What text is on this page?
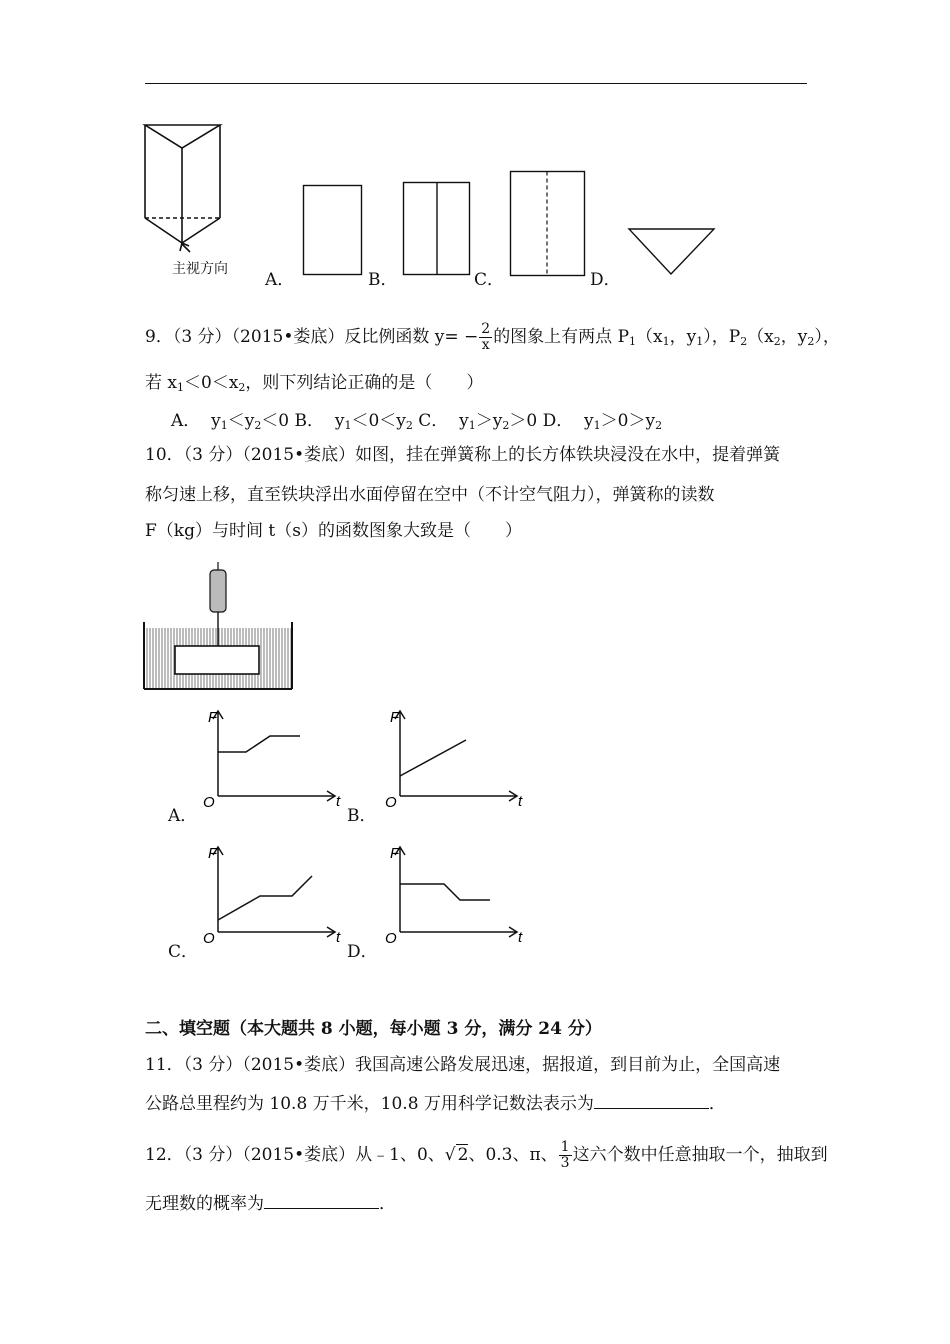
主视方向
A．	B．	C．	D．
9．（3 分）（2015•娄底）反比例函数 $y= - \frac{2}{x}$ 的图象上有两点 $P_1(x_1$，$y_1$），$P_2(x_2$，$y_2$），
若 $x_1<0<x_2$，则下列结论正确的是（　　）
A． $y_1<y_2<0$ B． $y_1<0<y_2$ C． $y_1>y_2>0$ D． $y_1>0>y_2$
10．（3 分）（2015•娄底）如图，挂在弹簧称上的长方体铁块浸没在水中，提着弹簧
称匀速上移，直至铁块浮出水面停留在空中（不计空气阻力），弹簧称的读数
F（kg）与时间 t（s）的函数图象大致是（　　）
F
t
O
A．
F
t
O
B．
F
t
O
C．
F
t
O
D．
二、填空题（本大题共 8 小题，每小题 3 分，满分 24 分）
11．（3 分）（2015•娄底）我国高速公路发展迅速，据报道，到目前为止，全国高速
公路总里程约为 10.8 万千米，10.8 万用科学记数法表示为	．
12．（3 分）（2015•娄底）从﹣1、0、√ 2、0.3、π、 $\frac{1}{3}$ 这六个数中任意抽取一个，抽取到
无理数的概率为	．
